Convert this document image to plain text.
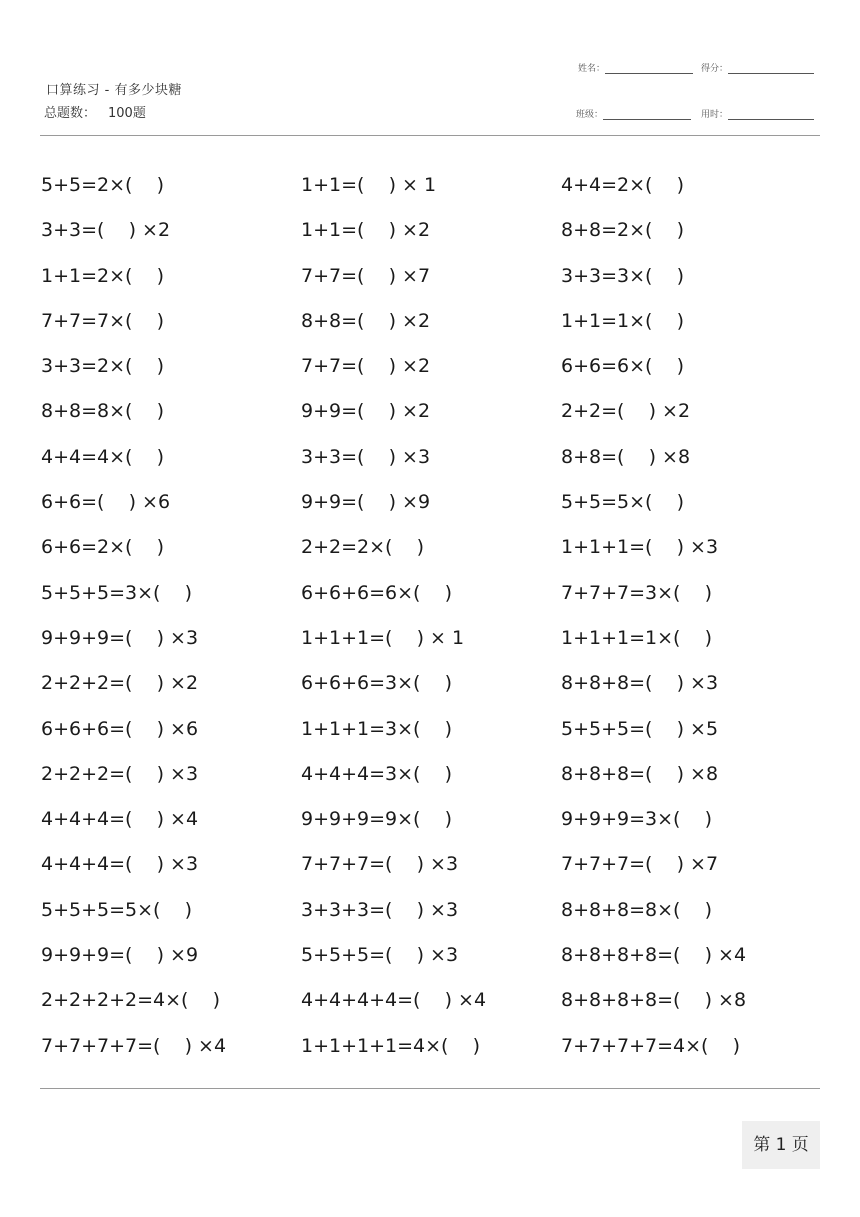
口算练习 - 有多少块糖
总题数： 100题
姓名：	得分：
班级：	用时：
5+5=2×(    )	1+1=(    ) × 1	4+4=2×(    )
3+3=(    ) ×2	1+1=(    ) ×2	8+8=2×(    )
1+1=2×(    )	7+7=(    ) ×7	3+3=3×(    )
7+7=7×(    )	8+8=(    ) ×2	1+1=1×(    )
3+3=2×(    )	7+7=(    ) ×2	6+6=6×(    )
8+8=8×(    )	9+9=(    ) ×2	2+2=(    ) ×2
4+4=4×(    )	3+3=(    ) ×3	8+8=(    ) ×8
6+6=(    ) ×6	9+9=(    ) ×9	5+5=5×(    )
6+6=2×(    )	2+2=2×(    )	1+1+1=(    ) ×3
5+5+5=3×(    )	6+6+6=6×(    )	7+7+7=3×(    )
9+9+9=(    ) ×3	1+1+1=(    ) × 1	1+1+1=1×(    )
2+2+2=(    ) ×2	6+6+6=3×(    )	8+8+8=(    ) ×3
6+6+6=(    ) ×6	1+1+1=3×(    )	5+5+5=(    ) ×5
2+2+2=(    ) ×3	4+4+4=3×(    )	8+8+8=(    ) ×8
4+4+4=(    ) ×4	9+9+9=9×(    )	9+9+9=3×(    )
4+4+4=(    ) ×3	7+7+7=(    ) ×3	7+7+7=(    ) ×7
5+5+5=5×(    )	3+3+3=(    ) ×3	8+8+8=8×(    )
9+9+9=(    ) ×9	5+5+5=(    ) ×3	8+8+8+8=(    ) ×4
2+2+2+2=4×(    )	4+4+4+4=(    ) ×4	8+8+8+8=(    ) ×8
7+7+7+7=(    ) ×4	1+1+1+1=4×(    )	7+7+7+7=4×(    )
第 1 页
